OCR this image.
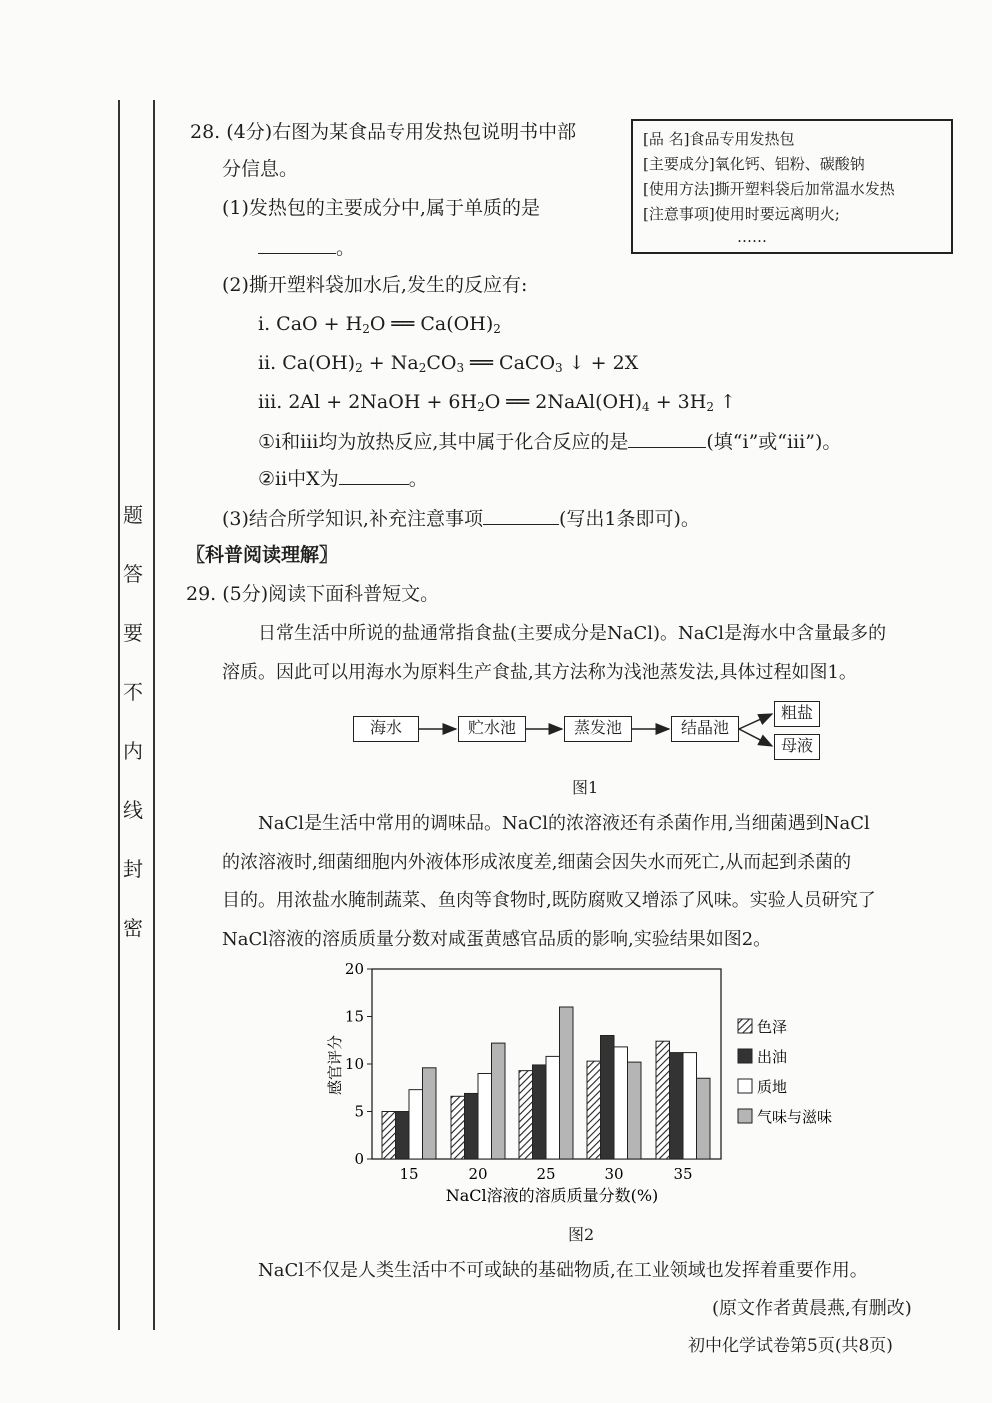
密
封
线
内
不
要
答
题
28. (4分)右图为某食品专用发热包说明书中部
分信息。
(1)发热包的主要成分中,属于单质的是
。
[品 名]食品专用发热包
[主要成分]氧化钙、铝粉、碳酸钠
[使用方法]撕开塑料袋后加常温水发热
[注意事项]使用时要远离明火;
……
(2)撕开塑料袋加水后,发生的反应有:
ⅰ. CaO + $H_2O$ ══ $Ca(OH)_2$
ⅱ. $Ca(OH)_2 + Na_2CO_3$ ══ CaCO$_3$ ↓ + 2X
ⅲ. 2Al + 2NaOH + $6H_2O$ ══ $2NaAl(OH)_4 + 3H_2$ ↑
①ⅰ和ⅲ均为放热反应,其中属于化合反应的是	(填“ⅰ”或“ⅲ”)。
②ⅱ中X为	。
(3)结合所学知识,补充注意事项	(写出1条即可)。
〖科普阅读理解〗
29. (5分)阅读下面科普短文。
日常生活中所说的盐通常指食盐(主要成分是NaCl)。NaCl是海水中含量最多的
溶质。因此可以用海水为原料生产食盐,其方法称为浅池蒸发法,具体过程如图1。
海水	贮水池	蒸发池	结晶池
粗盐
母液
图1
NaCl是生活中常用的调味品。NaCl的浓溶液还有杀菌作用,当细菌遇到NaCl
的浓溶液时,细菌细胞内外液体形成浓度差,细菌会因失水而死亡,从而起到杀菌的
目的。用浓盐水腌制蔬菜、鱼肉等食物时,既防腐败又增添了风味。实验人员研究了
NaCl溶液的溶质质量分数对咸蛋黄感官品质的影响,实验结果如图2。
0
5
10
15
20
15	20	25	30	35
色泽
出油
质地
气味与滋味
感官评分
NaCl溶液的溶质质量分数(%)
图2
NaCl不仅是人类生活中不可或缺的基础物质,在工业领域也发挥着重要作用。
(原文作者黄晨燕,有删改)
初中化学试卷第5页(共8页)
